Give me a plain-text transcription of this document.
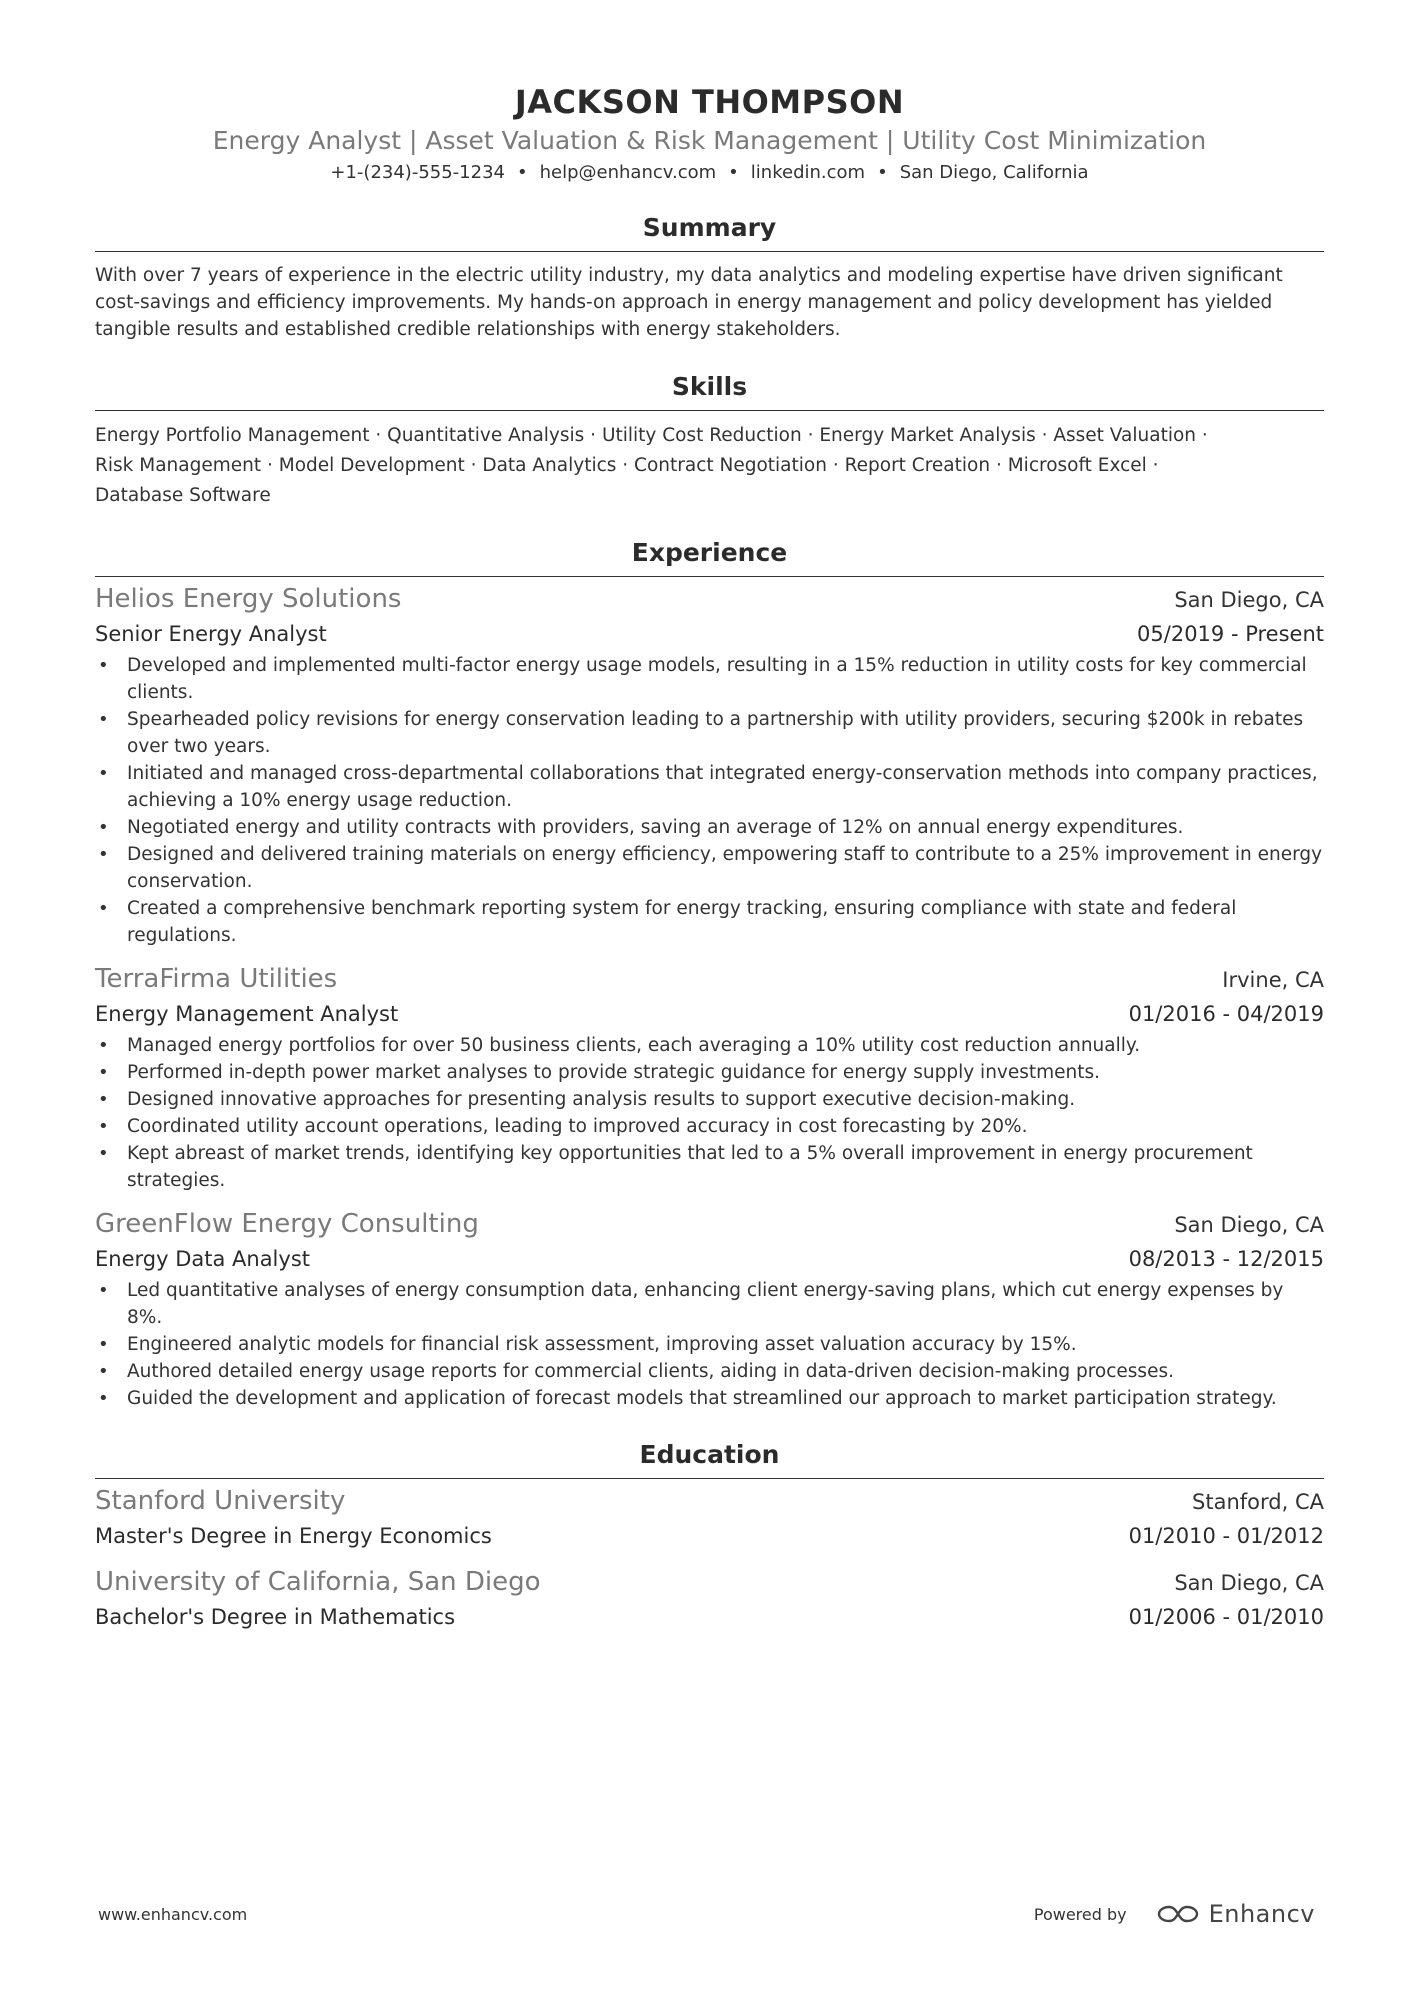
JACKSON THOMPSON
Energy Analyst | Asset Valuation & Risk Management | Utility Cost Minimization
+1-(234)-555-1234 • help@enhancv.com • linkedin.com • San Diego, California
Summary

With over 7 years of experience in the electric utility industry, my data analytics and modeling expertise have driven significant cost-savings and efficiency improvements. My hands-on approach in energy management and policy development has yielded tangible results and established credible relationships with energy stakeholders.

Skills

Energy Portfolio Management · Quantitative Analysis · Utility Cost Reduction · Energy Market Analysis · Asset Valuation ·
Risk Management · Model Development · Data Analytics · Contract Negotiation · Report Creation · Microsoft Excel ·
Database Software

Experience
Helios Energy Solutions	San Diego, CA
Senior Energy Analyst	05/2019 - Present
• Developed and implemented multi-factor energy usage models, resulting in a 15% reduction in utility costs for key commercial clients.
• Spearheaded policy revisions for energy conservation leading to a partnership with utility providers, securing $200k in rebates over two years.
• Initiated and managed cross-departmental collaborations that integrated energy-conservation methods into company practices, achieving a 10% energy usage reduction.
• Negotiated energy and utility contracts with providers, saving an average of 12% on annual energy expenditures.
• Designed and delivered training materials on energy efficiency, empowering staff to contribute to a 25% improvement in energy conservation.
• Created a comprehensive benchmark reporting system for energy tracking, ensuring compliance with state and federal regulations.
TerraFirma Utilities	Irvine, CA
Energy Management Analyst	01/2016 - 04/2019
• Managed energy portfolios for over 50 business clients, each averaging a 10% utility cost reduction annually.
• Performed in-depth power market analyses to provide strategic guidance for energy supply investments.
• Designed innovative approaches for presenting analysis results to support executive decision-making.
• Coordinated utility account operations, leading to improved accuracy in cost forecasting by 20%.
• Kept abreast of market trends, identifying key opportunities that led to a 5% overall improvement in energy procurement strategies.
GreenFlow Energy Consulting	San Diego, CA
Energy Data Analyst	08/2013 - 12/2015
• Led quantitative analyses of energy consumption data, enhancing client energy-saving plans, which cut energy expenses by 8%.
• Engineered analytic models for financial risk assessment, improving asset valuation accuracy by 15%.
• Authored detailed energy usage reports for commercial clients, aiding in data-driven decision-making processes.
• Guided the development and application of forecast models that streamlined our approach to market participation strategy.
Education
Stanford University	Stanford, CA
Master's Degree in Energy Economics	01/2010 - 01/2012
University of California, San Diego	San Diego, CA
Bachelor's Degree in Mathematics	01/2006 - 01/2010
www.enhancv.com	Powered by	Enhancv
